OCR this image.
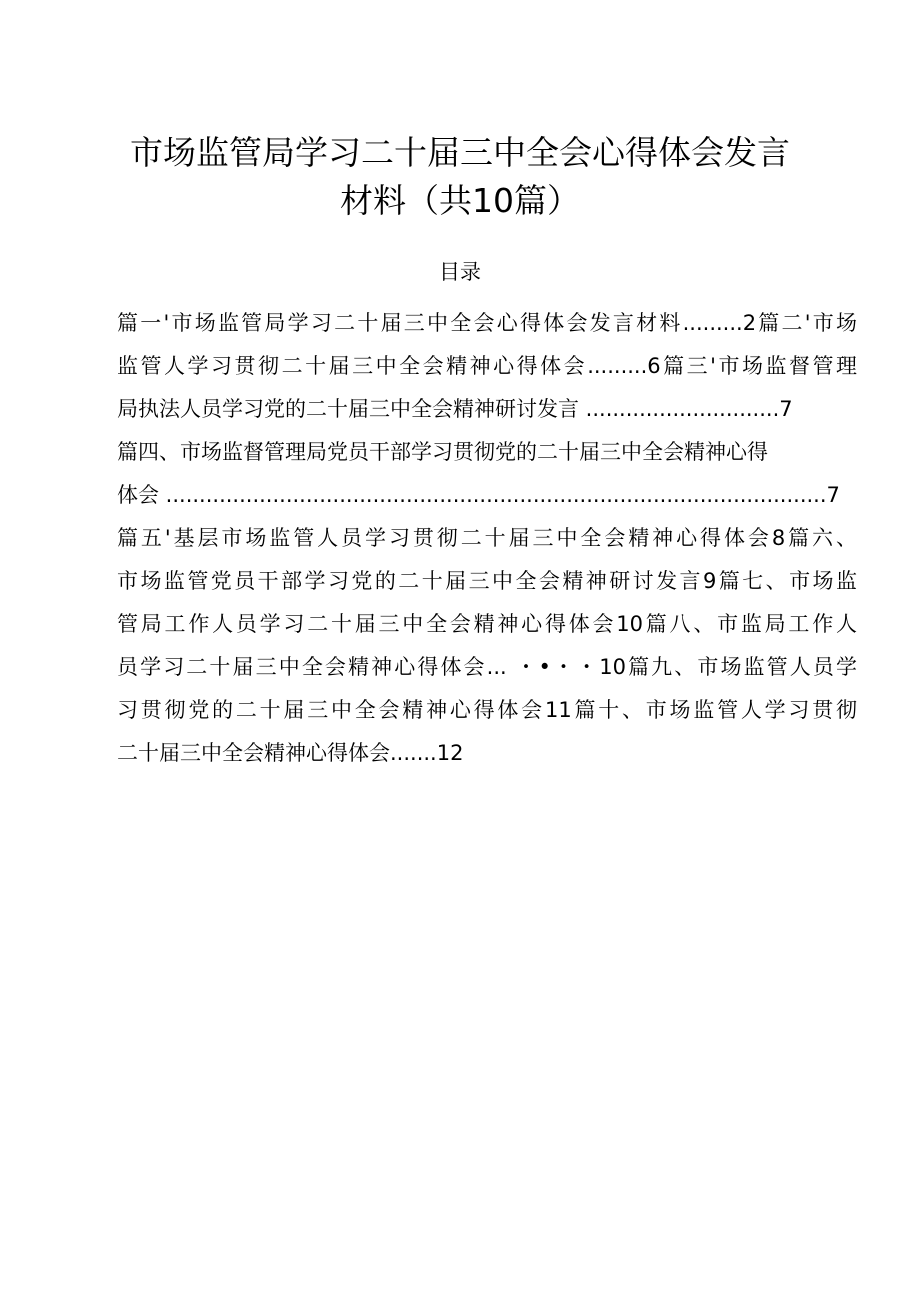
市场监管局学习二十届三中全会心得体会发言
材料（共10篇）
目录
篇一'市场监管局学习二十届三中全会心得体会发言材料.........2篇二'市场
监管人学习贯彻二十届三中全会精神心得体会.........6篇三'市场监督管理
局执法人员学习党的二十届三中全会精神研讨发言 .............................7
篇四、市场监督管理局党员干部学习贯彻党的二十届三中全会精神心得
体会 ...................................................................................................7
篇五'基层市场监管人员学习贯彻二十届三中全会精神心得体会8篇六、
市场监管党员干部学习党的二十届三中全会精神研讨发言9篇七、市场监
管局工作人员学习二十届三中全会精神心得体会10篇八、市监局工作人
员学习二十届三中全会精神心得体会... ・•・・10篇九、市场监管人员学
习贯彻党的二十届三中全会精神心得体会11篇十、市场监管人学习贯彻
二十届三中全会精神心得体会.......12
